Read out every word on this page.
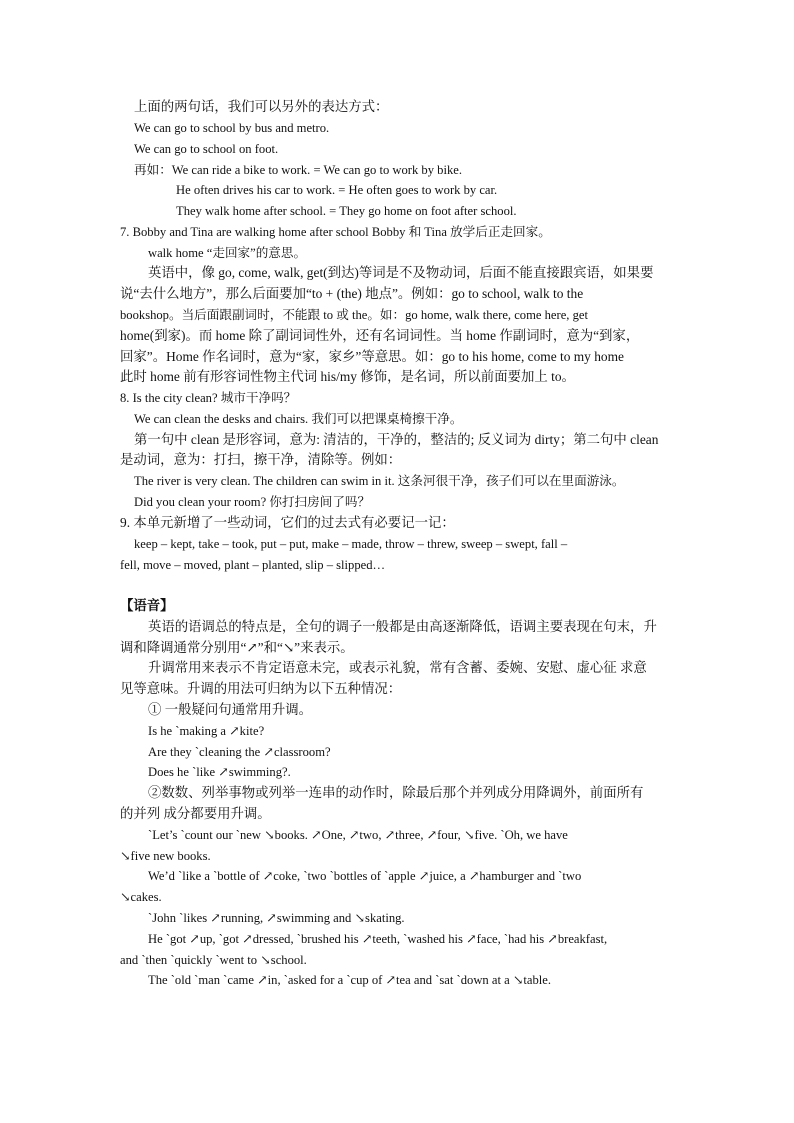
上面的两句话，我们可以另外的表达方式：
We can go to school by bus and metro.
We can go to school on foot.
再如：We can ride a bike to work. = We can go to work by bike.
He often drives his car to work. = He often goes to work by car.
They walk home after school. = They go home on foot after school.
7. Bobby and Tina are walking home after school Bobby 和 Tina 放学后正走回家。
walk home “走回家”的意思。
英语中，像 go, come, walk, get(到达)等词是不及物动词，后面不能直接跟宾语，如果要
说“去什么地方”，那么后面要加“to + (the) 地点”。例如：go to school, walk to the
bookshop。当后面跟副词时，不能跟 to 或 the。如：go home, walk there, come here, get
home(到家)。而 home 除了副词词性外，还有名词词性。当 home 作副词时，意为“到家，
回家”。Home 作名词时，意为“家，家乡”等意思。如：go to his home, come to my home
此时 home 前有形容词性物主代词 his/my 修饰，是名词，所以前面要加上 to。
8. Is the city clean? 城市干净吗？
We can clean the desks and chairs. 我们可以把课桌椅擦干净。
第一句中 clean 是形容词，意为: 清洁的，干净的，整洁的; 反义词为 dirty；第二句中 clean
是动词，意为：打扫，擦干净，清除等。例如：
The river is very clean. The children can swim in it. 这条河很干净，孩子们可以在里面游泳。
Did you clean your room? 你打扫房间了吗？
9. 本单元新增了一些动词，它们的过去式有必要记一记：
keep – kept, take – took, put – put, make – made, throw – threw, sweep – swept, fall –
fell, move – moved, plant – planted, slip – slipped…
【语音】
英语的语调总的特点是，全句的调子一般都是由高逐渐降低，语调主要表现在句末，升
调和降调通常分别用“↗”和“↘”来表示。
升调常用来表示不肯定语意未完，或表示礼貌，常有含蓄、委婉、安慰、虚心征 求意
见等意味。升调的用法可归纳为以下五种情况：
① 一般疑问句通常用升调。
Is he `making a ↗kite?
Are they `cleaning the ↗classroom?
Does he `like ↗swimming?.
②数数、列举事物或列举一连串的动作时，除最后那个并列成分用降调外，前面所有
的并列 成分都要用升调。
`Let’s `count our `new ↘books. ↗One, ↗two, ↗three, ↗four, ↘five. `Oh, we have
↘five new books.
We’d `like a `bottle of ↗coke, `two `bottles of `apple ↗juice, a ↗hamburger and `two
↘cakes.
`John `likes ↗running, ↗swimming and ↘skating.
He `got ↗up, `got ↗dressed, `brushed his ↗teeth, `washed his ↗face, `had his ↗breakfast,
and `then `quickly `went to ↘school.
The `old `man `came ↗in, `asked for a `cup of ↗tea and `sat `down at a ↘table.
